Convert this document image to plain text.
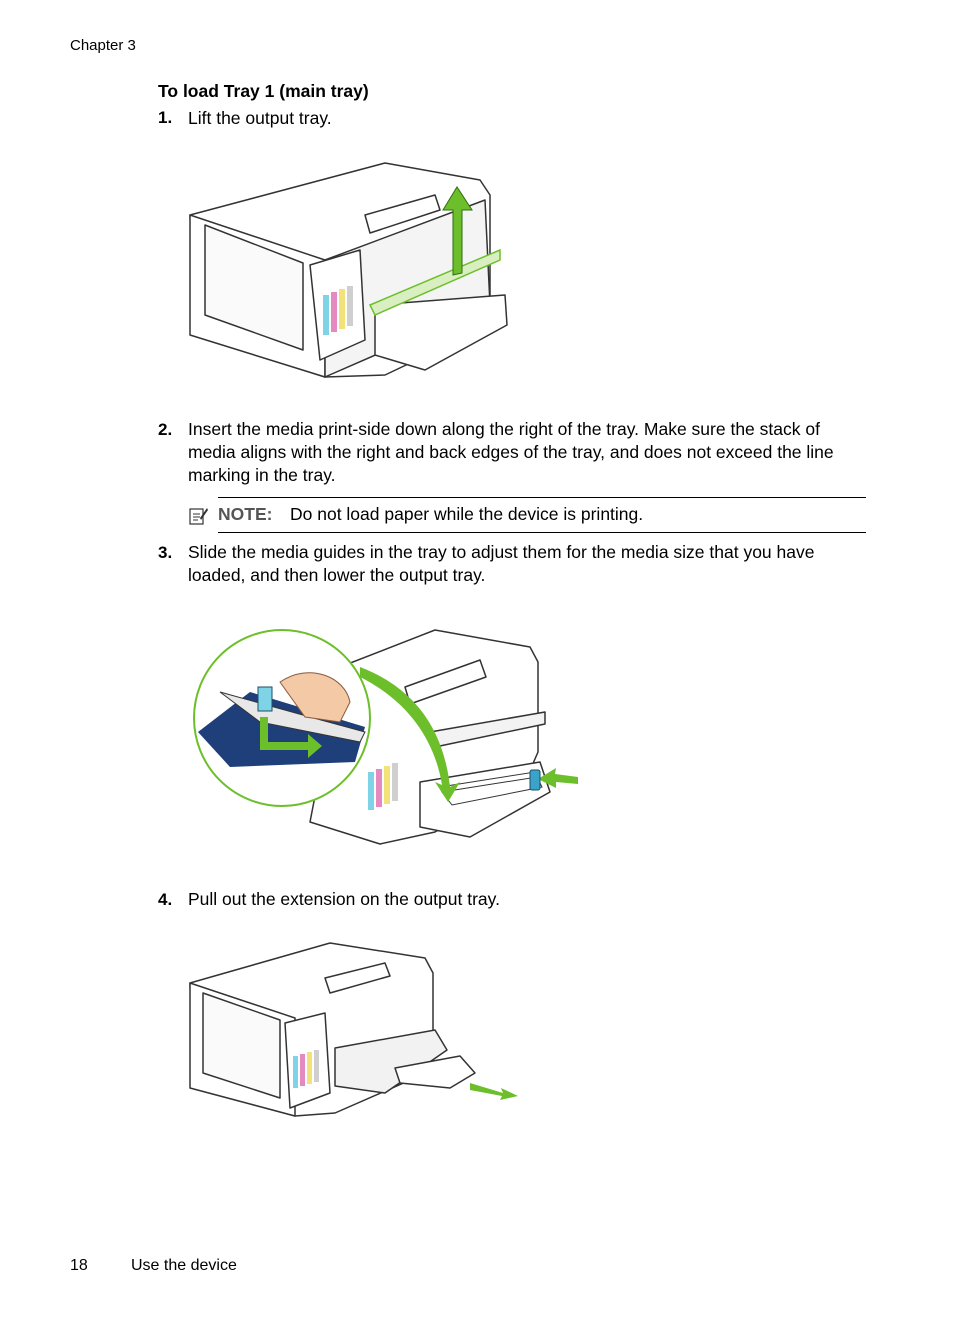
Chapter 3
To load Tray 1 (main tray)
1. Lift the output tray.
2. Insert the media print-side down along the right of the tray. Make sure the stack of media aligns with the right and back edges of the tray, and does not exceed the line marking in the tray.
NOTE: Do not load paper while the device is printing.
3. Slide the media guides in the tray to adjust them for the media size that you have loaded, and then lower the output tray.
4. Pull out the extension on the output tray.
18	Use the device
